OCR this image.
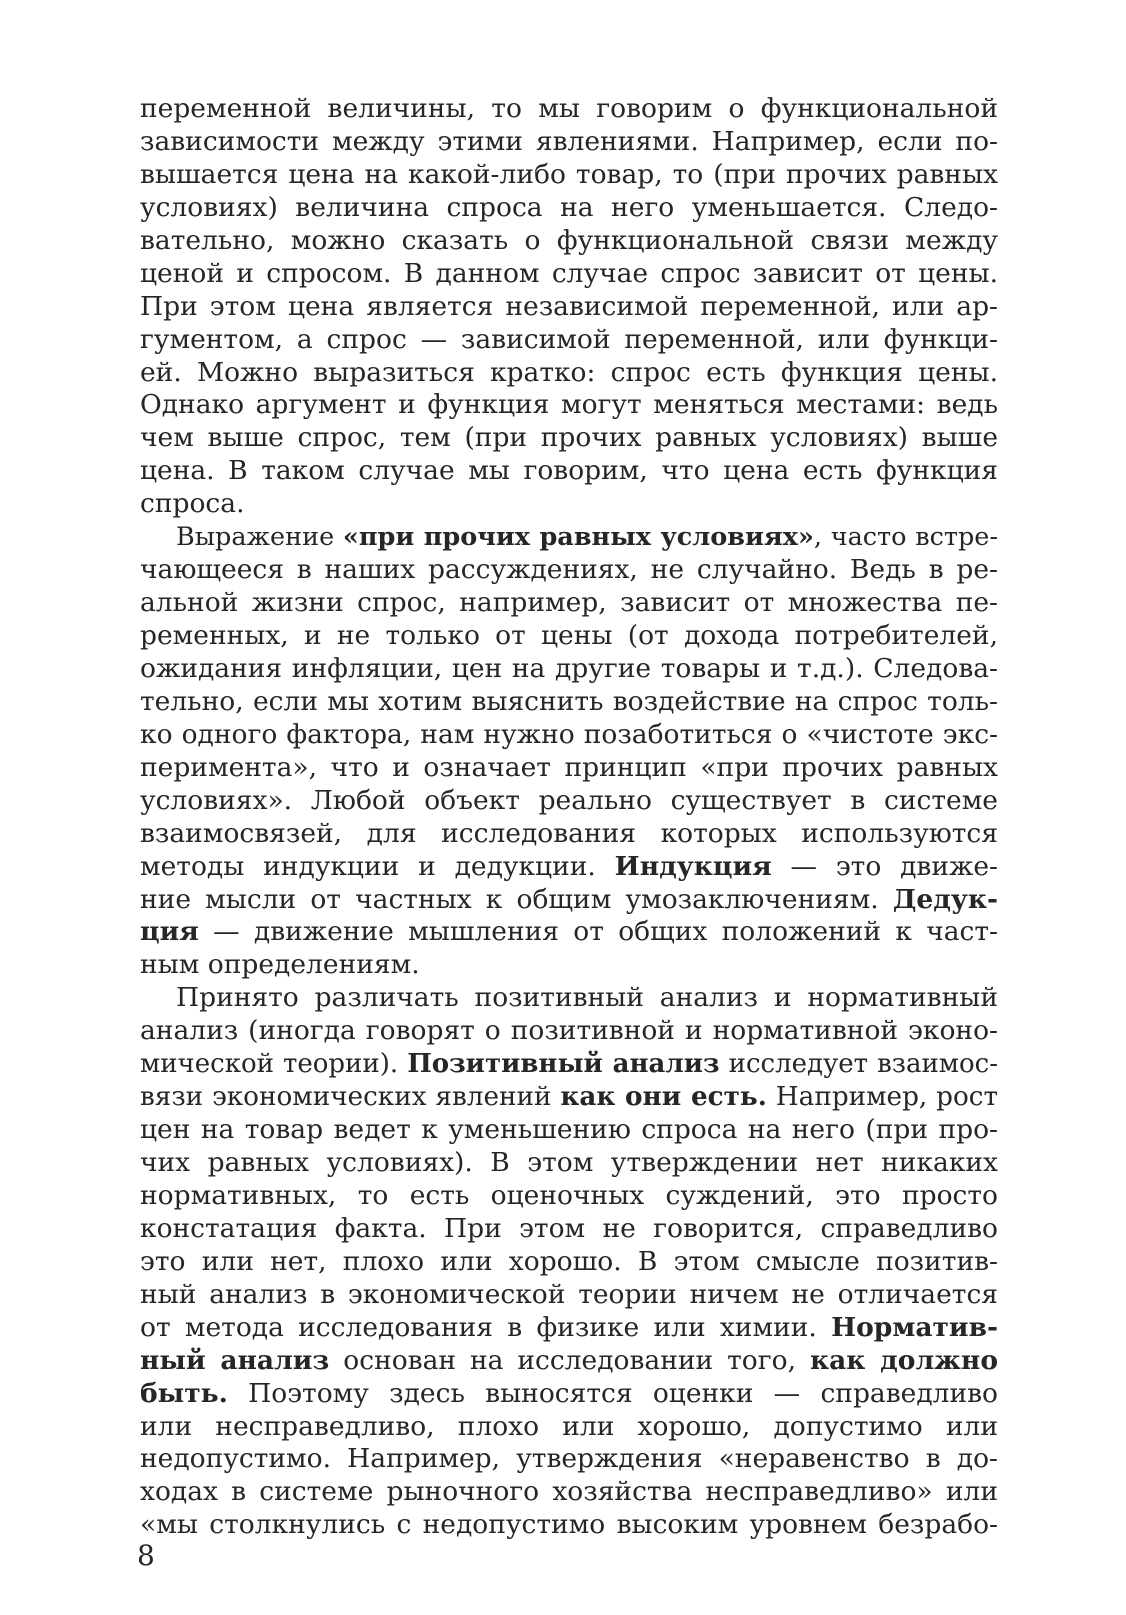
переменной величины, то мы говорим о функциональной
зависимости между этими явлениями. Например, если по-
вышается цена на какой-либо товар, то (при прочих равных
условиях) величина спроса на него уменьшается. Следо-
вательно, можно сказать о функциональной связи между
ценой и спросом. В данном случае спрос зависит от цены.
При этом цена является независимой переменной, или ар-
гументом, а спрос — зависимой переменной, или функци-
ей. Можно выразиться кратко: спрос есть функция цены.
Однако аргумент и функция могут меняться местами: ведь
чем выше спрос, тем (при прочих равных условиях) выше
цена. В таком случае мы говорим, что цена есть функция
спроса.
Выражение «при прочих равных условиях», часто встре-
чающееся в наших рассуждениях, не случайно. Ведь в ре-
альной жизни спрос, например, зависит от множества пе-
ременных, и не только от цены (от дохода потребителей,
ожидания инфляции, цен на другие товары и т.д.). Следова-
тельно, если мы хотим выяснить воздействие на спрос толь-
ко одного фактора, нам нужно позаботиться о «чистоте экс-
перимента», что и означает принцип «при прочих равных
условиях». Любой объект реально существует в системе
взаимосвязей, для исследования которых используются
методы индукции и дедукции. Индукция — это движе-
ние мысли от частных к общим умозаключениям. Дедук-
ция — движение мышления от общих положений к част-
ным определениям.
Принято различать позитивный анализ и нормативный
анализ (иногда говорят о позитивной и нормативной эконо-
мической теории). Позитивный анализ исследует взаимос-
вязи экономических явлений как они есть. Например, рост
цен на товар ведет к уменьшению спроса на него (при про-
чих равных условиях). В этом утверждении нет никаких
нормативных, то есть оценочных суждений, это просто
констатация факта. При этом не говорится, справедливо
это или нет, плохо или хорошо. В этом смысле позитив-
ный анализ в экономической теории ничем не отличается
от метода исследования в физике или химии. Норматив-
ный анализ основан на исследовании того, как должно
быть. Поэтому здесь выносятся оценки — справедливо
или несправедливо, плохо или хорошо, допустимо или
недопустимо. Например, утверждения «неравенство в до-
ходах в системе рыночного хозяйства несправедливо» или
«мы столкнулись с недопустимо высоким уровнем безрабо-
8
